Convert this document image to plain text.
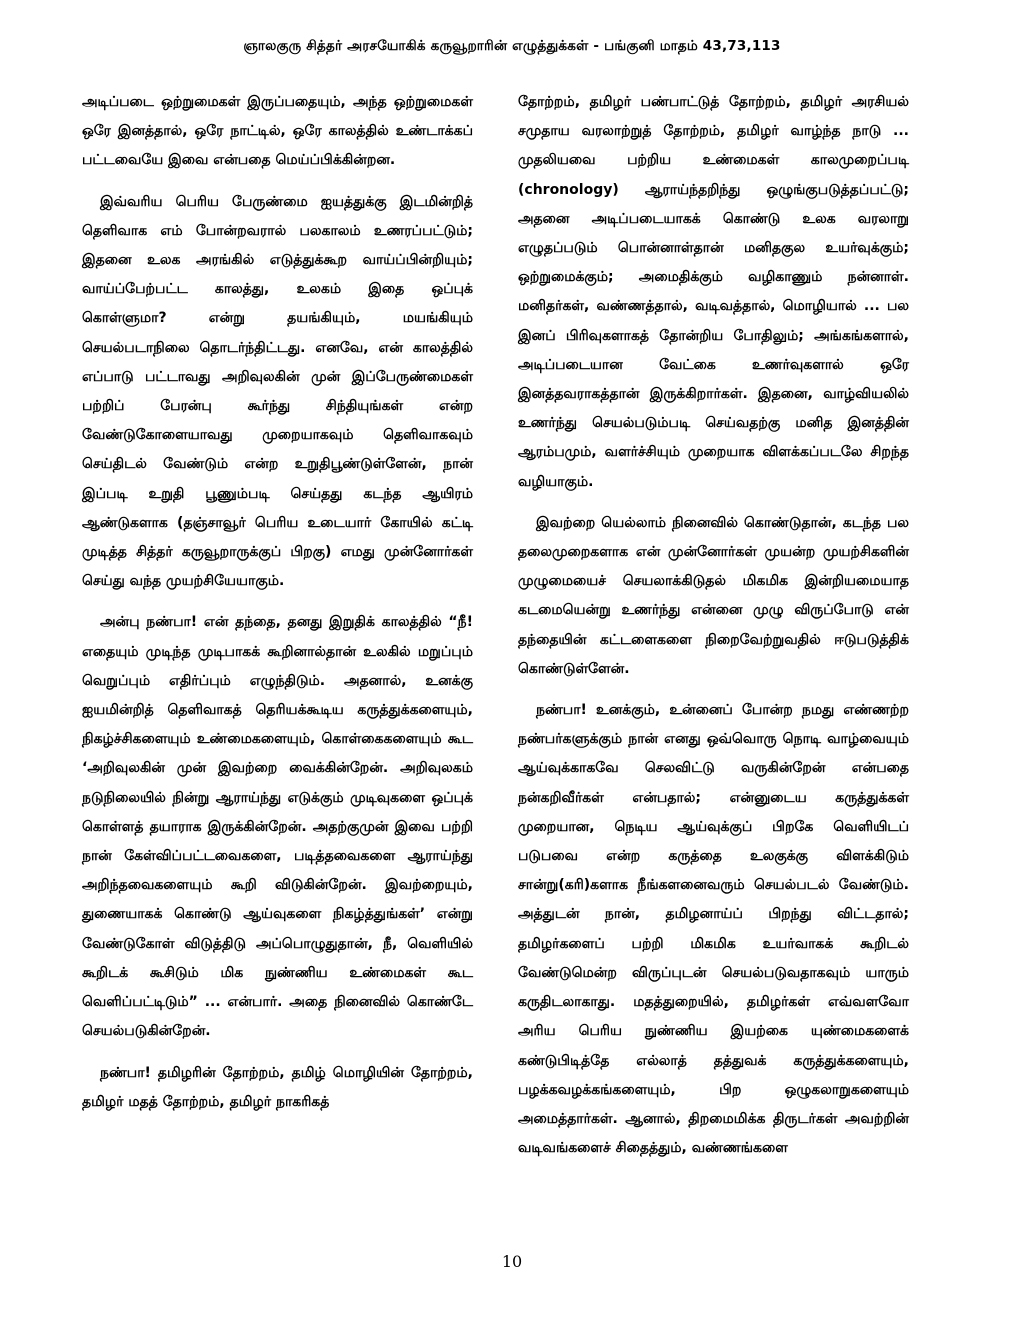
ஞாலகுரு சித்தர் அரசயோகிக் கருவூறாரின் எழுத்துக்கள் - பங்குனி மாதம் 43,73,113

அடிப்படை ஒற்றுமைகள் இருப்பதையும், அந்த ஒற்றுமைகள் ஒரே இனத்தால், ஒரே நாட்டில், ஒரே காலத்தில் உண்டாக்கப் பட்டவையே இவை என்பதை மெய்ப்பிக்கின்றன.

இவ்வரிய பெரிய பேருண்மை ஐயத்துக்கு இடமின்றித் தெளிவாக எம் போன்றவரால் பலகாலம் உணரப்பட்டும்; இதனை உலக அரங்கில் எடுத்துக்கூற வாய்ப்பின்றியும்; வாய்ப்பேற்பட்ட காலத்து, உலகம் இதை ஒப்புக் கொள்ளுமா? என்று தயங்கியும், மயங்கியும் செயல்படாநிலை தொடர்ந்திட்டது. எனவே, என் காலத்தில் எப்பாடு பட்டாவது அறிவுலகின் முன் இப்பேருண்மைகள் பற்றிப் பேரன்பு கூர்ந்து சிந்தியுங்கள் என்ற வேண்டுகோளையாவது முறையாகவும் தெளிவாகவும் செய்திடல் வேண்டும் என்ற உறுதிபூண்டுள்ளேன், நான் இப்படி உறுதி பூணும்படி செய்தது கடந்த ஆயிரம் ஆண்டுகளாக (தஞ்சாவூர் பெரிய உடையார் கோயில் கட்டி முடித்த சித்தர் கருவூறாருக்குப் பிறகு) எமது முன்னோர்கள் செய்து வந்த முயற்சியேயாகும்.

அன்பு நண்பா! என் தந்தை, தனது இறுதிக் காலத்தில் “நீ! எதையும் முடிந்த முடிபாகக் கூறினால்தான் உலகில் மறுப்பும் வெறுப்பும் எதிர்ப்பும் எழுந்திடும். அதனால், உனக்கு ஐயமின்றித் தெளிவாகத் தெரியக்கூடிய கருத்துக்களையும், நிகழ்ச்சிகளையும் உண்மைகளையும், கொள்கைகளையும் கூட ‘அறிவுலகின் முன் இவற்றை வைக்கின்றேன். அறிவுலகம் நடுநிலையில் நின்று ஆராய்ந்து எடுக்கும் முடிவுகளை ஒப்புக் கொள்ளத் தயாராக இருக்கின்றேன். அதற்குமுன் இவை பற்றி நான் கேள்விப்பட்டவைகளை, படித்தவைகளை ஆராய்ந்து அறிந்தவைகளையும் கூறி விடுகின்றேன். இவற்றையும், துணையாகக் கொண்டு ஆய்வுகளை நிகழ்த்துங்கள்’ என்று வேண்டுகோள் விடுத்திடு அப்பொழுதுதான், நீ, வெளியில் கூறிடக் கூசிடும் மிக நுண்ணிய உண்மைகள் கூட வெளிப்பட்டிடும்” ... என்பார். அதை நினைவில் கொண்டே செயல்படுகின்றேன்.

நண்பா! தமிழரின் தோற்றம், தமிழ் மொழியின் தோற்றம், தமிழர் மதத் தோற்றம், தமிழர் நாகரிகத்

தோற்றம், தமிழர் பண்பாட்டுத் தோற்றம், தமிழர் அரசியல் சமுதாய வரலாற்றுத் தோற்றம், தமிழர் வாழ்ந்த நாடு ... முதலியவை பற்றிய உண்மைகள் காலமுறைப்படி (chronology) ஆராய்ந்தறிந்து ஒழுங்குபடுத்தப்பட்டு; அதனை அடிப்படையாகக் கொண்டு உலக வரலாறு எழுதப்படும் பொன்னாள்தான் மனிதகுல உயர்வுக்கும்; ஒற்றுமைக்கும்; அமைதிக்கும் வழிகாணும் நன்னாள். மனிதர்கள், வண்ணத்தால், வடிவத்தால், மொழியால் ... பல இனப் பிரிவுகளாகத் தோன்றிய போதிலும்; அங்கங்களால், அடிப்படையான வேட்கை உணர்வுகளால் ஒரே இனத்தவராகத்தான் இருக்கிறார்கள். இதனை, வாழ்வியலில் உணர்ந்து செயல்படும்படி செய்வதற்கு மனித இனத்தின் ஆரம்பமும், வளர்ச்சியும் முறையாக விளக்கப்படலே சிறந்த வழியாகும்.

இவற்றை யெல்லாம் நினைவில் கொண்டுதான், கடந்த பல தலைமுறைகளாக என் முன்னோர்கள் முயன்ற முயற்சிகளின் முழுமையைச் செயலாக்கிடுதல் மிகமிக இன்றியமையாத கடமையென்று உணர்ந்து என்னை முழு விருப்போடு என் தந்தையின் கட்டளைகளை நிறைவேற்றுவதில் ஈடுபடுத்திக் கொண்டுள்ளேன்.

நண்பா! உனக்கும், உன்னைப் போன்ற நமது எண்ணற்ற நண்பர்களுக்கும் நான் எனது ஒவ்வொரு நொடி வாழ்வையும் ஆய்வுக்காகவே செலவிட்டு வருகின்றேன் என்பதை நன்கறிவீர்கள் என்பதால்; என்னுடைய கருத்துக்கள் முறையான, நெடிய ஆய்வுக்குப் பிறகே வெளியிடப் படுபவை என்ற கருத்தை உலகுக்கு விளக்கிடும் சான்று(கரி)களாக நீங்களனைவரும் செயல்படல் வேண்டும். அத்துடன் நான், தமிழனாய்ப் பிறந்து விட்டதால்; தமிழர்களைப் பற்றி மிகமிக உயர்வாகக் கூறிடல் வேண்டுமென்ற விருப்புடன் செயல்படுவதாகவும் யாரும் கருதிடலாகாது. மதத்துறையில், தமிழர்கள் எவ்வளவோ அரிய பெரிய நுண்ணிய இயற்கை யுண்மைகளைக் கண்டுபிடித்தே எல்லாத் தத்துவக் கருத்துக்களையும், பழக்கவழக்கங்களையும், பிற ஒழுகலாறுகளையும் அமைத்தார்கள். ஆனால், திறமைமிக்க திருடர்கள் அவற்றின் வடிவங்களைச் சிதைத்தும், வண்ணங்களை

10
